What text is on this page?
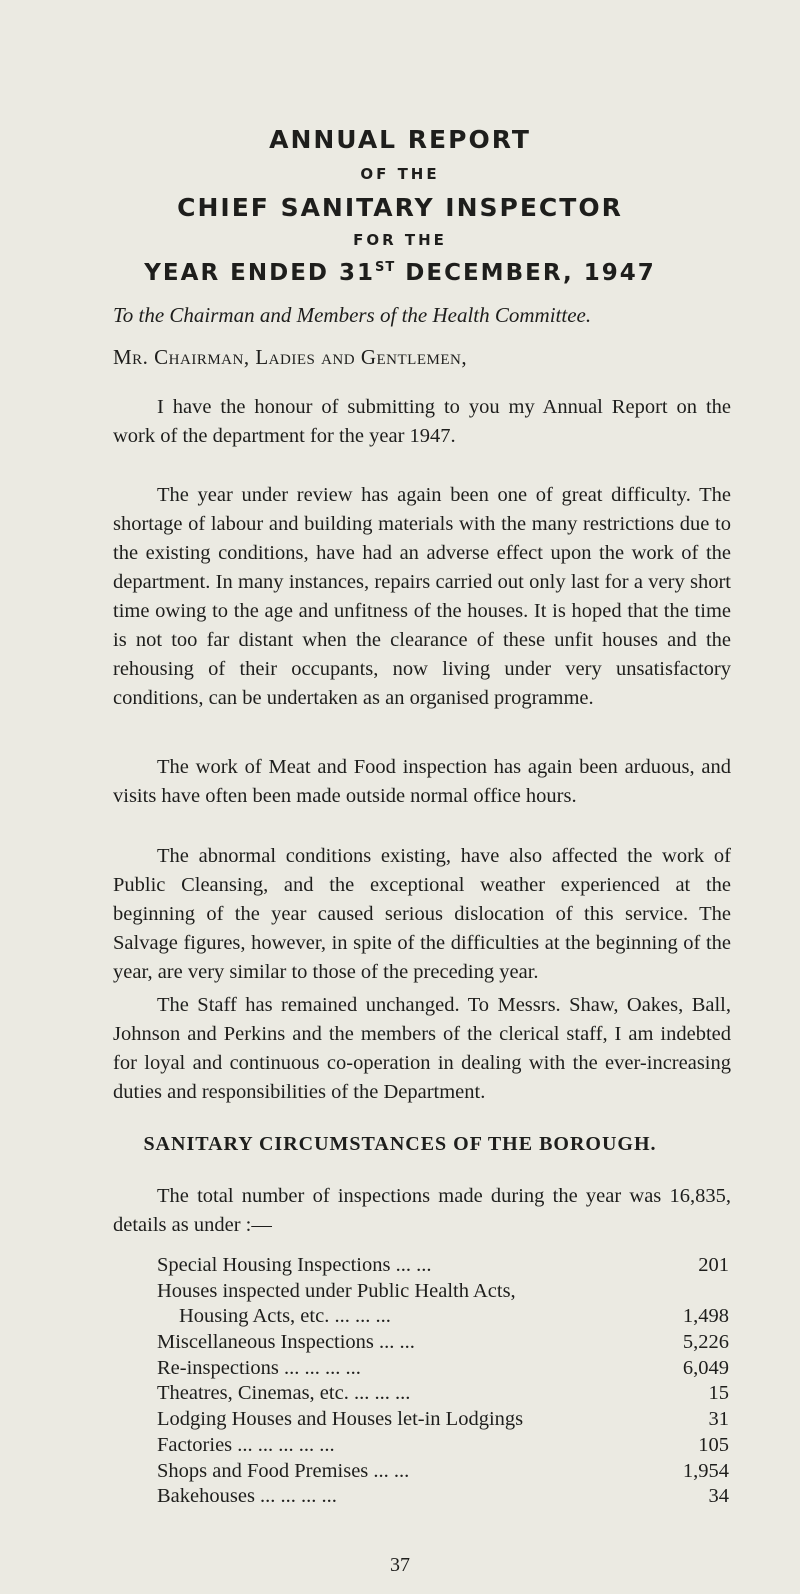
ANNUAL REPORT
OF THE
CHIEF SANITARY INSPECTOR
FOR THE
YEAR ENDED 31ST DECEMBER, 1947
To the Chairman and Members of the Health Committee.
Mr. Chairman, Ladies and Gentlemen,

I have the honour of submitting to you my Annual Report on the work of the department for the year 1947.

The year under review has again been one of great difficulty. The shortage of labour and building materials with the many restrictions due to the existing conditions, have had an adverse effect upon the work of the department. In many instances, repairs carried out only last for a very short time owing to the age and unfitness of the houses. It is hoped that the time is not too far distant when the clearance of these unfit houses and the rehousing of their occupants, now living under very unsatisfactory conditions, can be undertaken as an organised programme.

The work of Meat and Food inspection has again been arduous, and visits have often been made outside normal office hours.

The abnormal conditions existing, have also affected the work of Public Cleansing, and the exceptional weather experienced at the beginning of the year caused serious dislocation of this service. The Salvage figures, however, in spite of the difficulties at the beginning of the year, are very similar to those of the preceding year.

The Staff has remained unchanged. To Messrs. Shaw, Oakes, Ball, Johnson and Perkins and the members of the clerical staff, I am indebted for loyal and continuous co-operation in dealing with the ever-increasing duties and responsibilities of the Department.

SANITARY CIRCUMSTANCES OF THE BOROUGH.

The total number of inspections made during the year was 16,835, details as under :—

Special Housing Inspections ... ...	201
Houses inspected under Public Health Acts,
Housing Acts, etc. ... ... ...	1,498
Miscellaneous Inspections ... ...	5,226
Re-inspections ... ... ... ...	6,049
Theatres, Cinemas, etc. ... ... ...	15
Lodging Houses and Houses let-in Lodgings	31
Factories ... ... ... ... ...	105
Shops and Food Premises ... ...	1,954
Bakehouses ... ... ... ...	34
37
